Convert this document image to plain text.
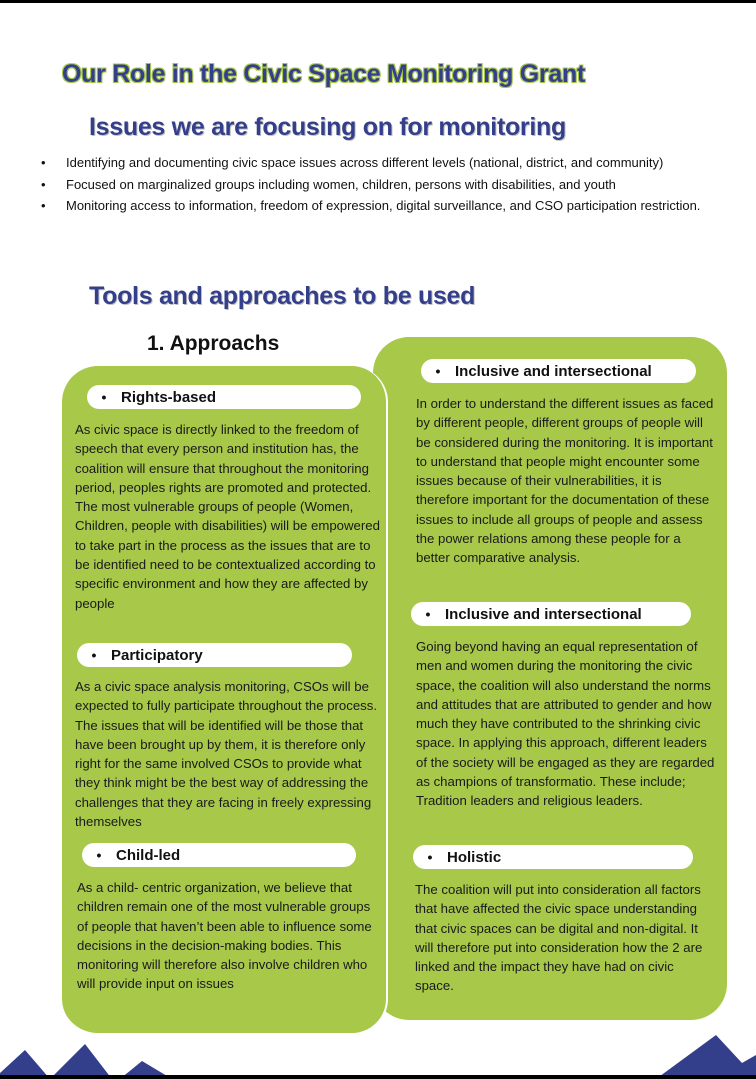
Our Role in the Civic Space Monitoring Grant
Issues we are focusing on for monitoring
• Identifying and documenting civic space issues across different levels (national, district, and community)
• Focused on marginalized groups including women, children, persons with disabilities, and youth
• Monitoring access to information, freedom of expression, digital surveillance, and CSO participation restriction.
Tools and approaches to be used
1. Approachs
• Inclusive and intersectional

In order to understand the different issues as faced by different people, different groups of people will be considered during the monitoring. It is important to understand that people might encounter some issues because of their vulnerabilities, it is therefore important for the documentation of these issues to include all groups of people and assess the power relations among these people for a better comparative analysis.

• Inclusive and intersectional

Going beyond having an equal representation of men and women during the monitoring the civic space, the coalition will also understand the norms and attitudes that are attributed to gender and how much they have contributed to the shrinking civic space. In applying this approach, different leaders of the society will be engaged as they are regarded as champions of transformatio. These include; Tradition leaders and religious leaders.

• Holistic

The coalition will put into consideration all factors that have affected the civic space understanding that civic spaces can be digital and non-digital. It will therefore put into consideration how the 2 are linked and the impact they have had on civic space.

• Rights-based

As civic space is directly linked to the freedom of speech that every person and institution has, the coalition will ensure that throughout the monitoring period, peoples rights are promoted and protected. The most vulnerable groups of people (Women, Children, people with disabilities) will be empowered to take part in the process as the issues that are to be identified need to be contextualized according to specific environment and how they are affected by people

• Participatory

As a civic space analysis monitoring, CSOs will be expected to fully participate throughout the process. The issues that will be identified will be those that have been brought up by them, it is therefore only right for the same involved CSOs to provide what they think might be the best way of addressing the challenges that they are facing in freely expressing themselves

• Child-led

As a child- centric organization, we believe that children remain one of the most vulnerable groups of people that haven’t been able to influence some decisions in the decision-making bodies. This monitoring will therefore also involve children who will provide input on issues
